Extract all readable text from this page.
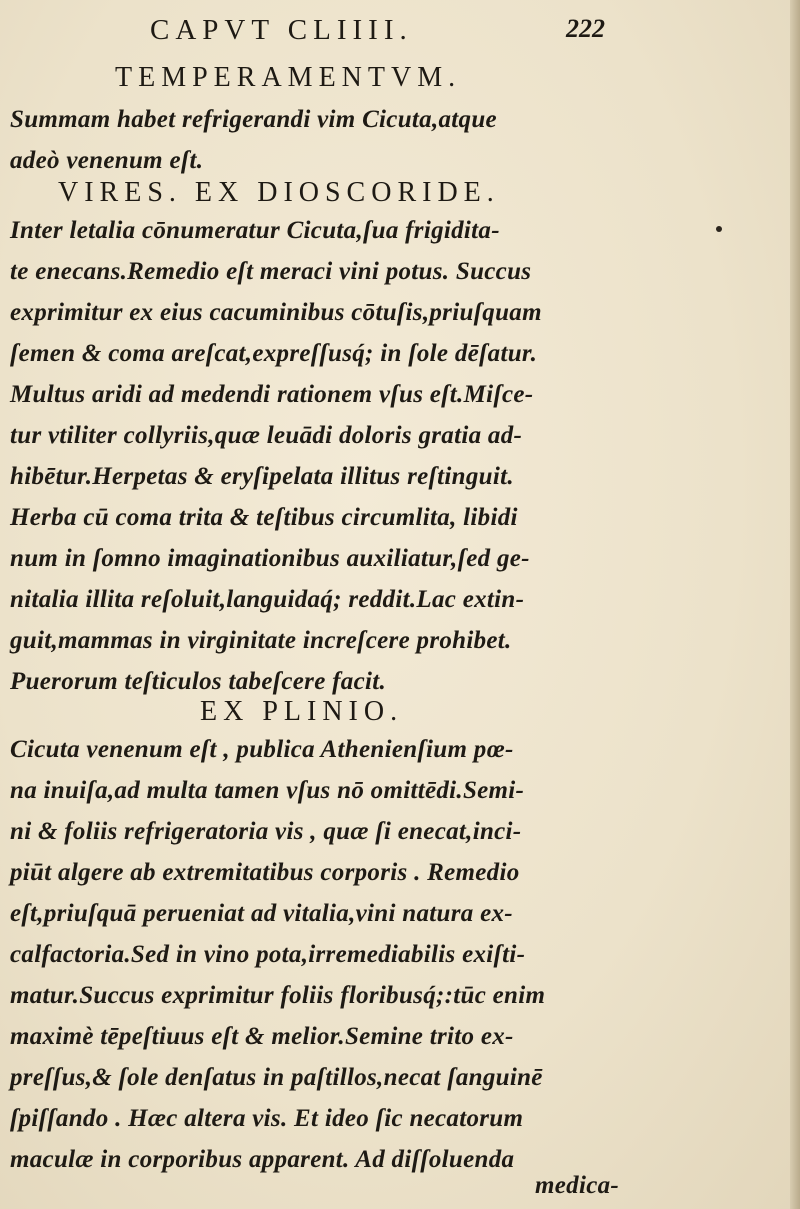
CAPVT CLIIII.	222
TEMPERAMENTVM.
Summam habet refrigerandi vim Cicuta,atque
adeò venenum eſt.
VIRES. EX DIOSCORIDE.
Inter letalia cōnumeratur Cicuta,ſua frigidita-
te enecans.Remedio eſt meraci vini potus. Succus
exprimitur ex eius cacuminibus cōtuſis,priuſquam
ſemen & coma areſcat,expreſſusq́; in ſole dēſatur.
Multus aridi ad medendi rationem vſus eſt.Miſce-
tur vtiliter collyriis,quæ leuādi doloris gratia ad-
hibētur.Herpetas & eryſipelata illitus reſtinguit.
Herba cū coma trita & teſtibus circumlita, libidi
num in ſomno imaginationibus auxiliatur,ſed ge-
nitalia illita reſoluit,languidaq́; reddit.Lac extin-
guit,mammas in virginitate increſcere prohibet.
Puerorum teſticulos tabeſcere facit.
EX PLINIO.
Cicuta venenum eſt , publica Athenienſium pœ-
na inuiſa,ad multa tamen vſus nō omittēdi.Semi-
ni & foliis refrigeratoria vis , quæ ſi enecat,inci-
piūt algere ab extremitatibus corporis . Remedio
eſt,priuſquā perueniat ad vitalia,vini natura ex-
calfactoria.Sed in vino pota,irremediabilis exiſti-
matur.Succus exprimitur foliis floribusq́;:tūc enim
maximè tēpeſtiuus eſt & melior.Semine trito ex-
preſſus,& ſole denſatus in paſtillos,necat ſanguinē
ſpiſſando . Hæc altera vis. Et ideo ſic necatorum
maculæ in corporibus apparent. Ad diſſoluenda
medica-
